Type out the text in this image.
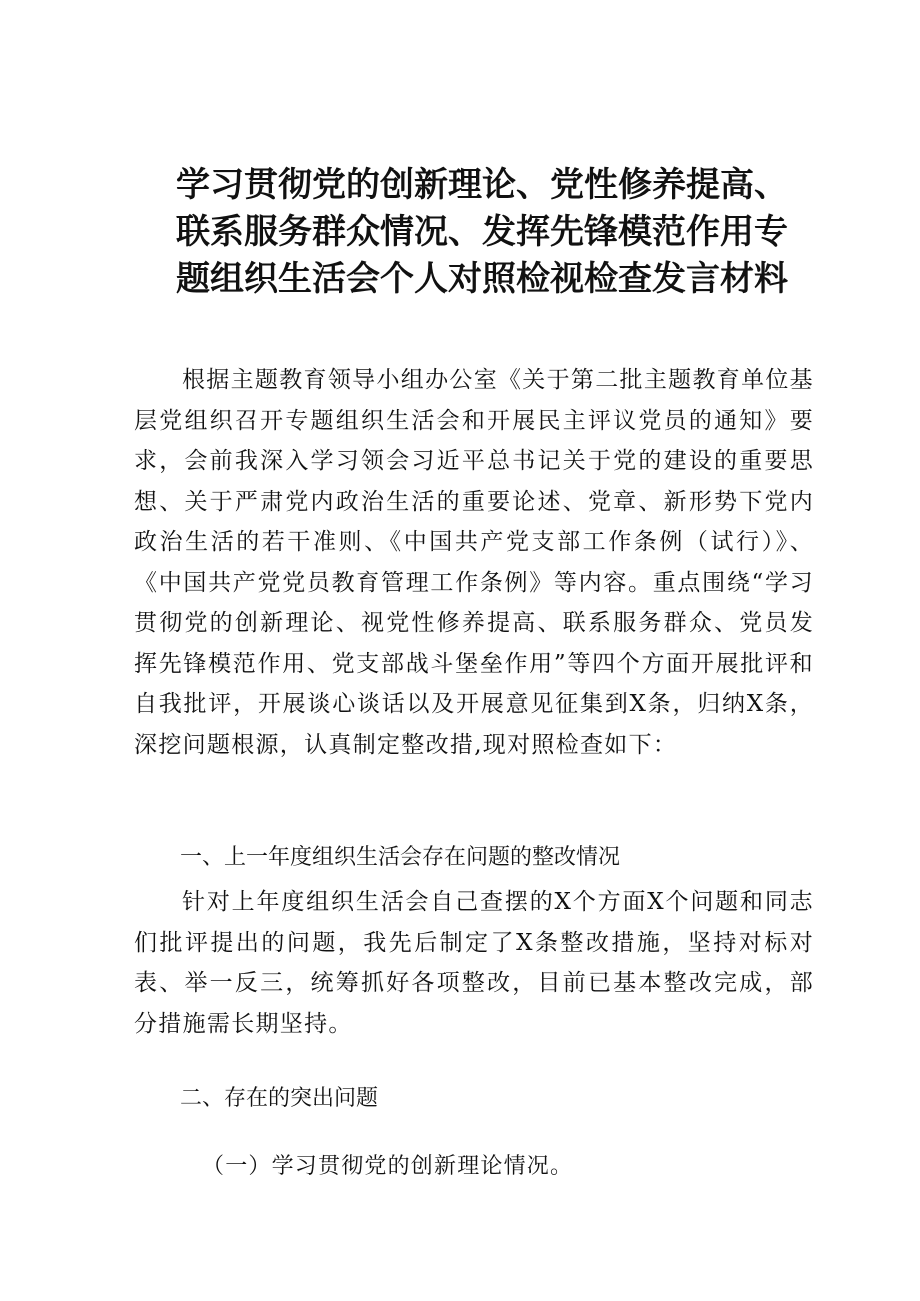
学习贯彻党的创新理论、党性修养提高、联系服务群众情况、发挥先锋模范作用专题组织生活会个人对照检视检查发言材料

根据主题教育领导小组办公室《关于第二批主题教育单位基层党组织召开专题组织生活会和开展民主评议党员的通知》要求，会前我深入学习领会习近平总书记关于党的建设的重要思想、关于严肃党内政治生活的重要论述、党章、新形势下党内政治生活的若干准则、《中国共产党支部工作条例（试行）》、《中国共产党党员教育管理工作条例》等内容。重点围绕“学习贯彻党的创新理论、视党性修养提高、联系服务群众、党员发挥先锋模范作用、党支部战斗堡垒作用”等四个方面开展批评和自我批评，开展谈心谈话以及开展意见征集到X条，归纳X条，深挖问题根源，认真制定整改措,现对照检查如下：

一、上一年度组织生活会存在问题的整改情况

针对上年度组织生活会自己查摆的X个方面X个问题和同志们批评提出的问题，我先后制定了X条整改措施，坚持对标对表、举一反三，统筹抓好各项整改，目前已基本整改完成，部分措施需长期坚持。

二、存在的突出问题

（一）学习贯彻党的创新理论情况。
